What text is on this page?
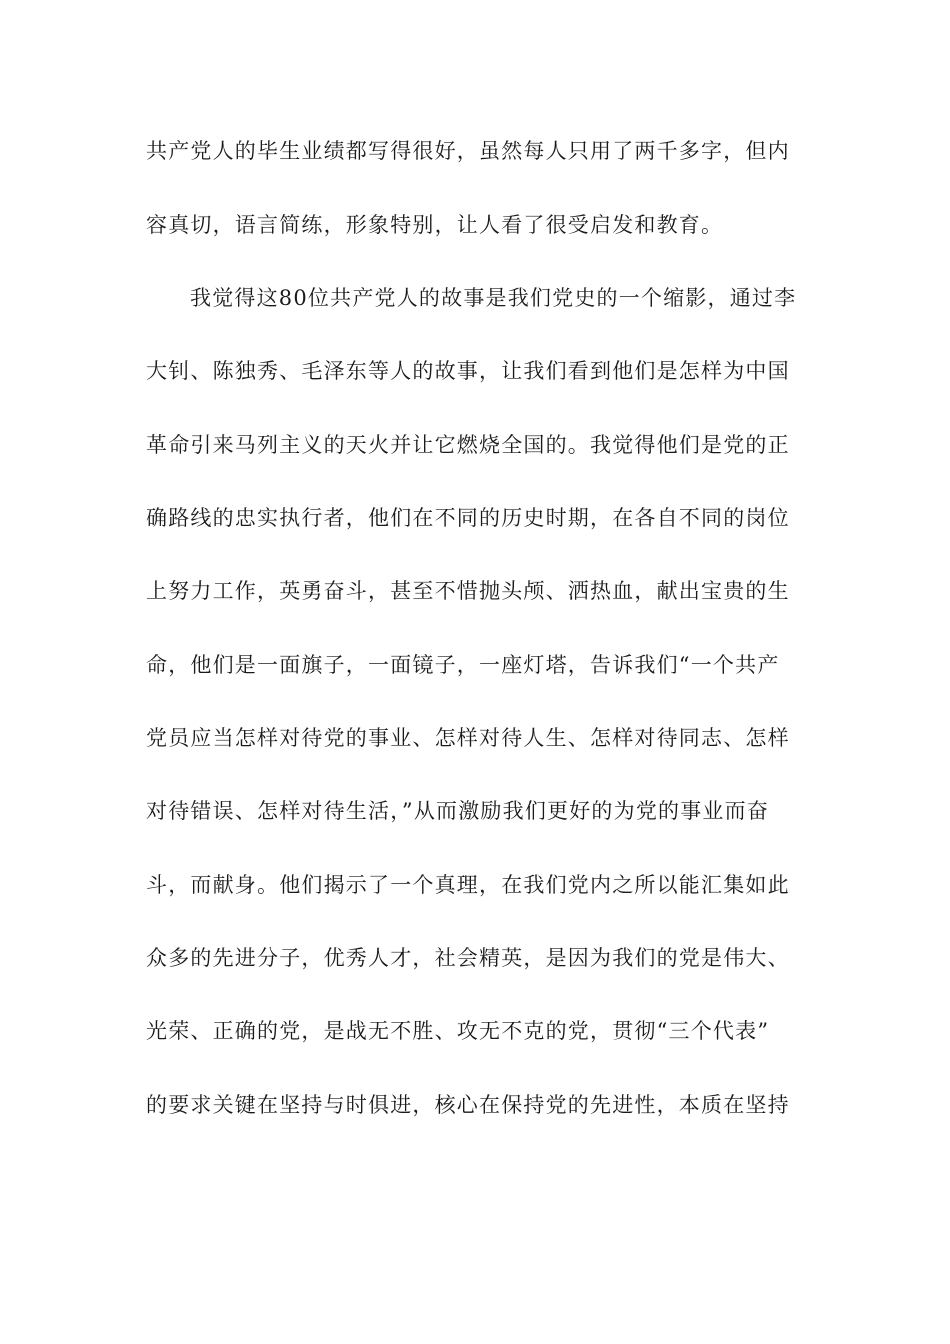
共产党人的毕生业绩都写得很好，虽然每人只用了两千多字，但内
容真切，语言简练，形象特别，让人看了很受启发和教育。
我觉得这80位共产党人的故事是我们党史的一个缩影，通过李
大钊、陈独秀、毛泽东等人的故事，让我们看到他们是怎样为中国
革命引来马列主义的天火并让它燃烧全国的。我觉得他们是党的正
确路线的忠实执行者，他们在不同的历史时期，在各自不同的岗位
上努力工作，英勇奋斗，甚至不惜抛头颅、洒热血，献出宝贵的生
命，他们是一面旗子，一面镜子，一座灯塔，告诉我们“一个共产
党员应当怎样对待党的事业、怎样对待人生、怎样对待同志、怎样
对待错误、怎样对待生活，”从而激励我们更好的为党的事业而奋
斗，而献身。他们揭示了一个真理，在我们党内之所以能汇集如此
众多的先进分子，优秀人才，社会精英，是因为我们的党是伟大、
光荣、正确的党，是战无不胜、攻无不克的党，贯彻“三个代表”
的要求关键在坚持与时俱进，核心在保持党的先进性，本质在坚持
